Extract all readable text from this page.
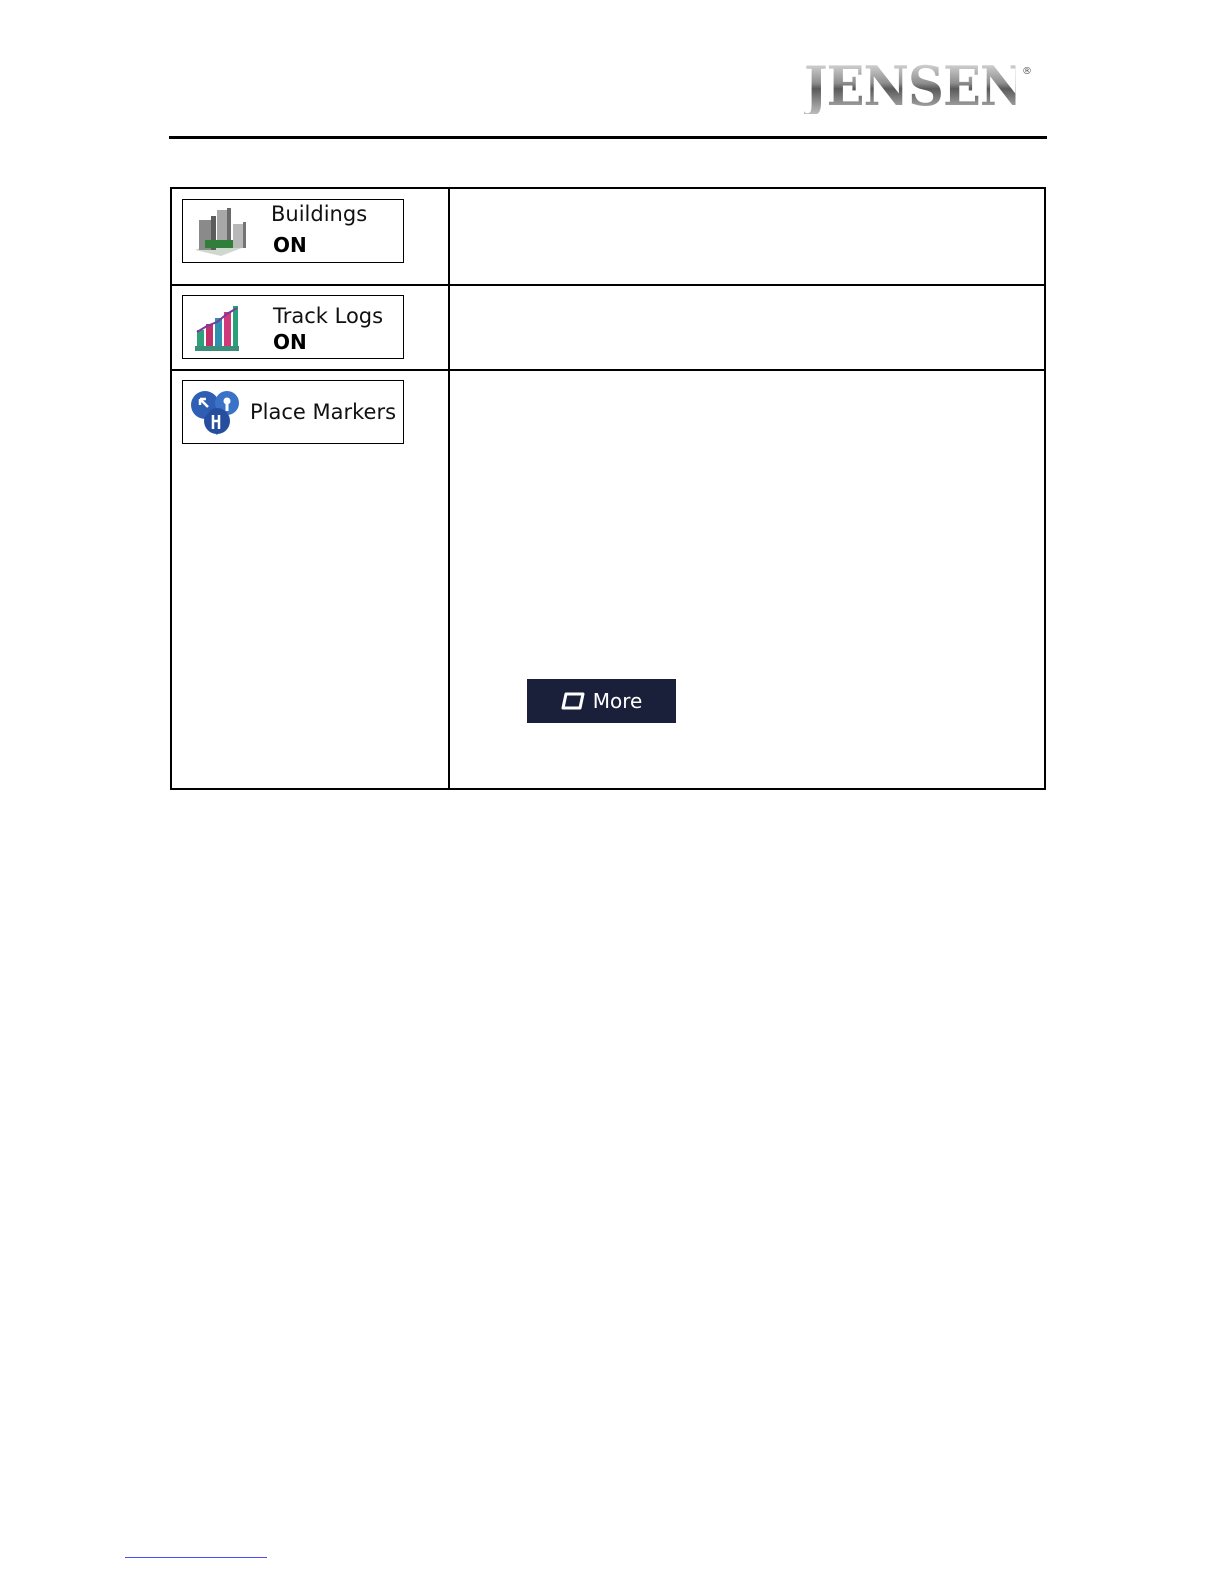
JENSEN
®
Buildings
ON
Track Logs
ON
Place Markers
More
